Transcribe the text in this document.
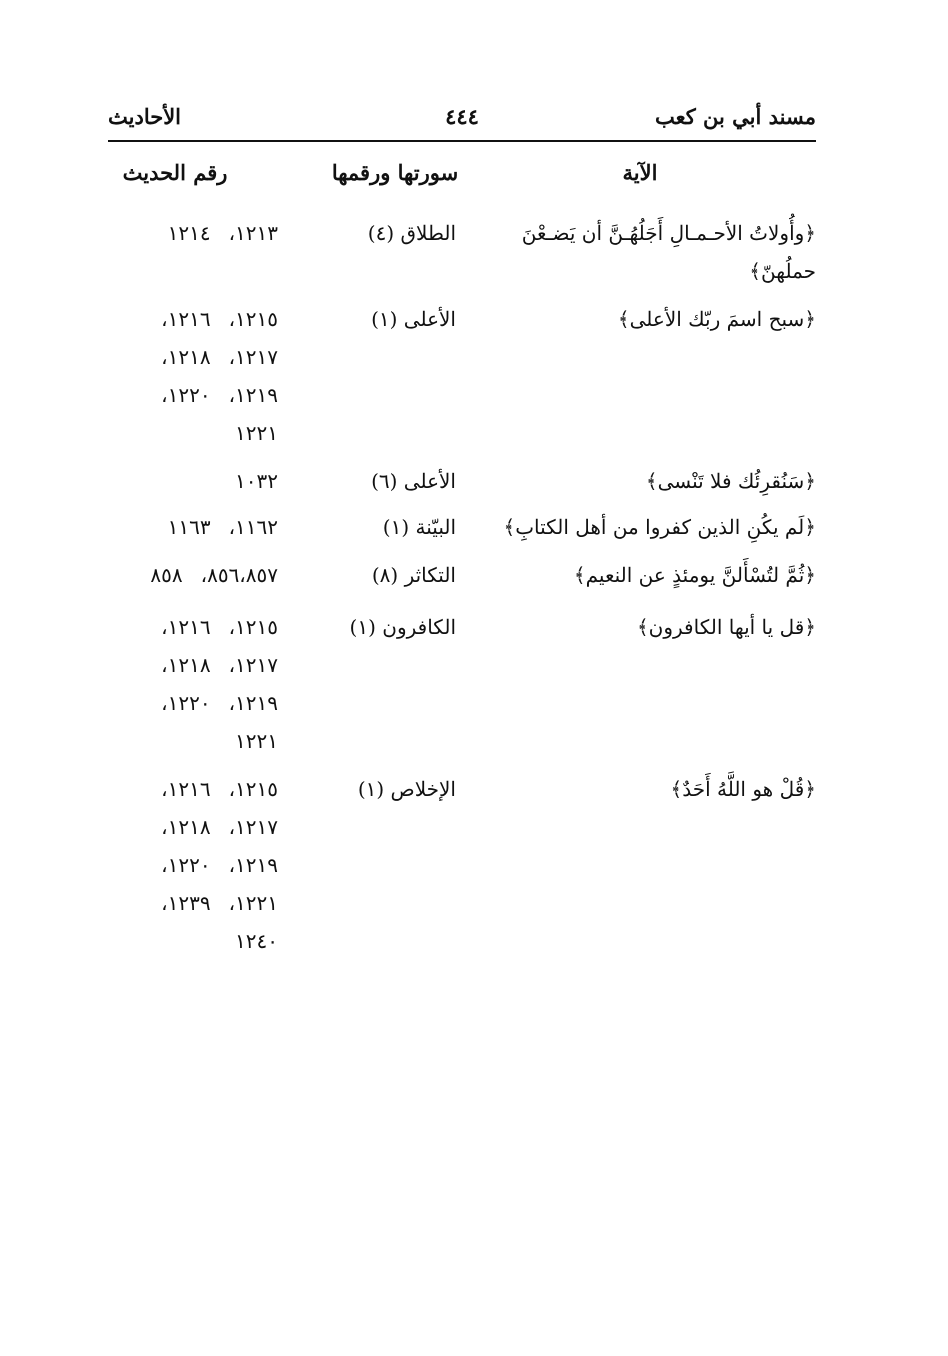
مسند أبي بن كعب
٤٤٤
الأحاديث
الآية
سورتها ورقمها
رقم الحديث
﴿وأُولاتُ الأحـمـالِ أَجَلُهُـنَّ أن يَضـعْنَ حملُهنّ﴾
الطلاق (٤)
١٢١٣،
١٢١٤
﴿سبح اسمَ ربّك الأعلى﴾
الأعلى (١)
١٢١٥،
١٢١٦،
١٢١٧،
١٢١٨،
١٢١٩،
١٢٢٠،
١٢٢١
﴿سَنُقرِئُك فلا تَنْسى﴾
الأعلى (٦)
١٠٣٢
﴿لَم يكُنِ الذين كفروا من أهل الكتابِ﴾
البيّنة (١)
١١٦٢،
١١٦٣
﴿ثُمَّ لتُسْأَلنَّ يومئذٍ عن النعيم﴾
التكاثر (٨)
٨٥٦،٨٥٧،
٨٥٨
﴿قل يا أيها الكافرون﴾
الكافرون (١)
١٢١٥،
١٢١٦،
١٢١٧،
١٢١٨،
١٢١٩،
١٢٢٠،
١٢٢١
﴿قُلْ هو اللَّهُ أَحَدٌ﴾
الإخلاص (١)
١٢١٥،
١٢١٦،
١٢١٧،
١٢١٨،
١٢١٩،
١٢٢٠،
١٢٢١،
١٢٣٩،
١٢٤٠
